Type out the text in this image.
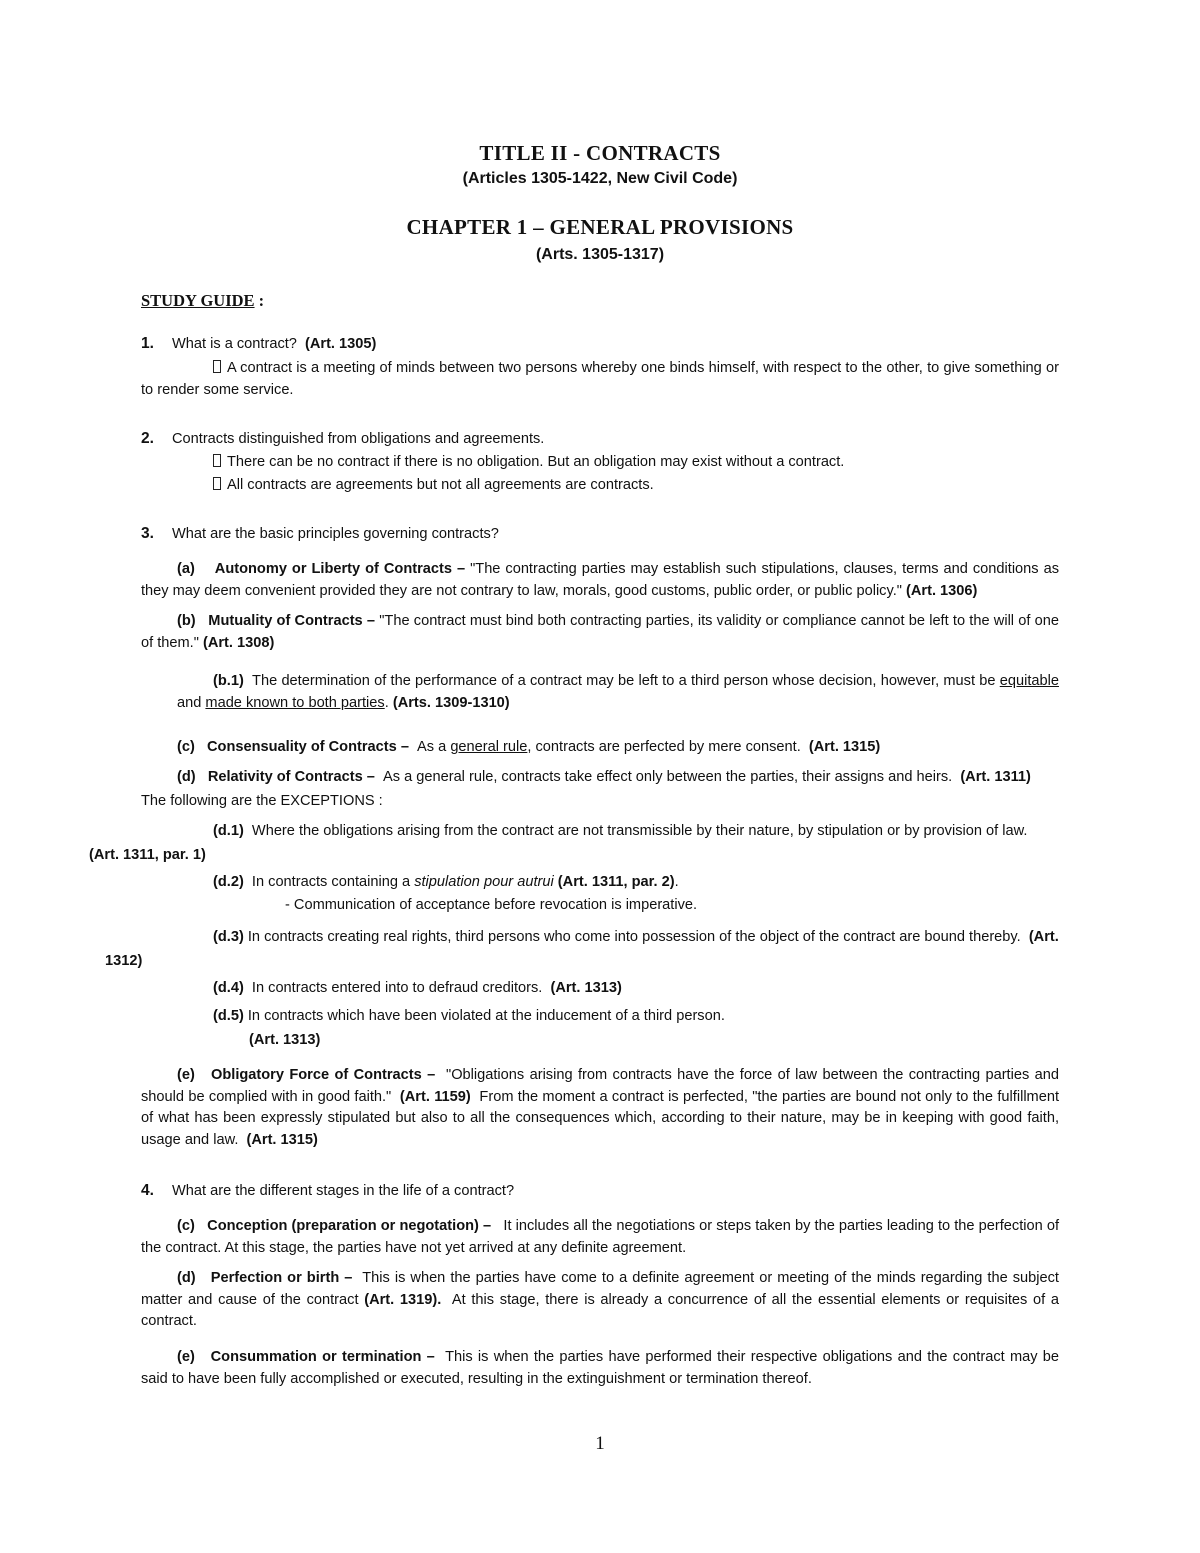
TITLE II - CONTRACTS
(Articles 1305-1422, New Civil Code)
CHAPTER 1 – GENERAL PROVISIONS
(Arts. 1305-1317)
STUDY GUIDE :
1. What is a contract? (Art. 1305)
A contract is a meeting of minds between two persons whereby one binds himself, with respect to the other, to give something or to render some service.
2. Contracts distinguished from obligations and agreements.
There can be no contract if there is no obligation. But an obligation may exist without a contract.
All contracts are agreements but not all agreements are contracts.
3. What are the basic principles governing contracts?
(a) Autonomy or Liberty of Contracts – "The contracting parties may establish such stipulations, clauses, terms and conditions as they may deem convenient provided they are not contrary to law, morals, good customs, public order, or public policy." (Art. 1306)
(b) Mutuality of Contracts – "The contract must bind both contracting parties, its validity or compliance cannot be left to the will of one of them." (Art. 1308)
(b.1) The determination of the performance of a contract may be left to a third person whose decision, however, must be equitable and made known to both parties. (Arts. 1309-1310)
(c) Consensuality of Contracts – As a general rule, contracts are perfected by mere consent. (Art. 1315)
(d) Relativity of Contracts – As a general rule, contracts take effect only between the parties, their assigns and heirs. (Art. 1311)
The following are the EXCEPTIONS :
(d.1) Where the obligations arising from the contract are not transmissible by their nature, by stipulation or by provision of law.
(Art. 1311, par. 1)
(d.2) In contracts containing a stipulation pour autrui (Art. 1311, par. 2).
- Communication of acceptance before revocation is imperative.
(d.3) In contracts creating real rights, third persons who come into possession of the object of the contract are bound thereby. (Art.
1312)
(d.4) In contracts entered into to defraud creditors. (Art. 1313)
(d.5) In contracts which have been violated at the inducement of a third person.
(Art. 1313)
(e) Obligatory Force of Contracts – "Obligations arising from contracts have the force of law between the contracting parties and should be complied with in good faith." (Art. 1159) From the moment a contract is perfected, "the parties are bound not only to the fulfillment of what has been expressly stipulated but also to all the consequences which, according to their nature, may be in keeping with good faith, usage and law. (Art. 1315)
4. What are the different stages in the life of a contract?
(c) Conception (preparation or negotation) – It includes all the negotiations or steps taken by the parties leading to the perfection of the contract. At this stage, the parties have not yet arrived at any definite agreement.
(d) Perfection or birth – This is when the parties have come to a definite agreement or meeting of the minds regarding the subject matter and cause of the contract (Art. 1319). At this stage, there is already a concurrence of all the essential elements or requisites of a contract.
(e) Consummation or termination – This is when the parties have performed their respective obligations and the contract may be said to have been fully accomplished or executed, resulting in the extinguishment or termination thereof.
1
